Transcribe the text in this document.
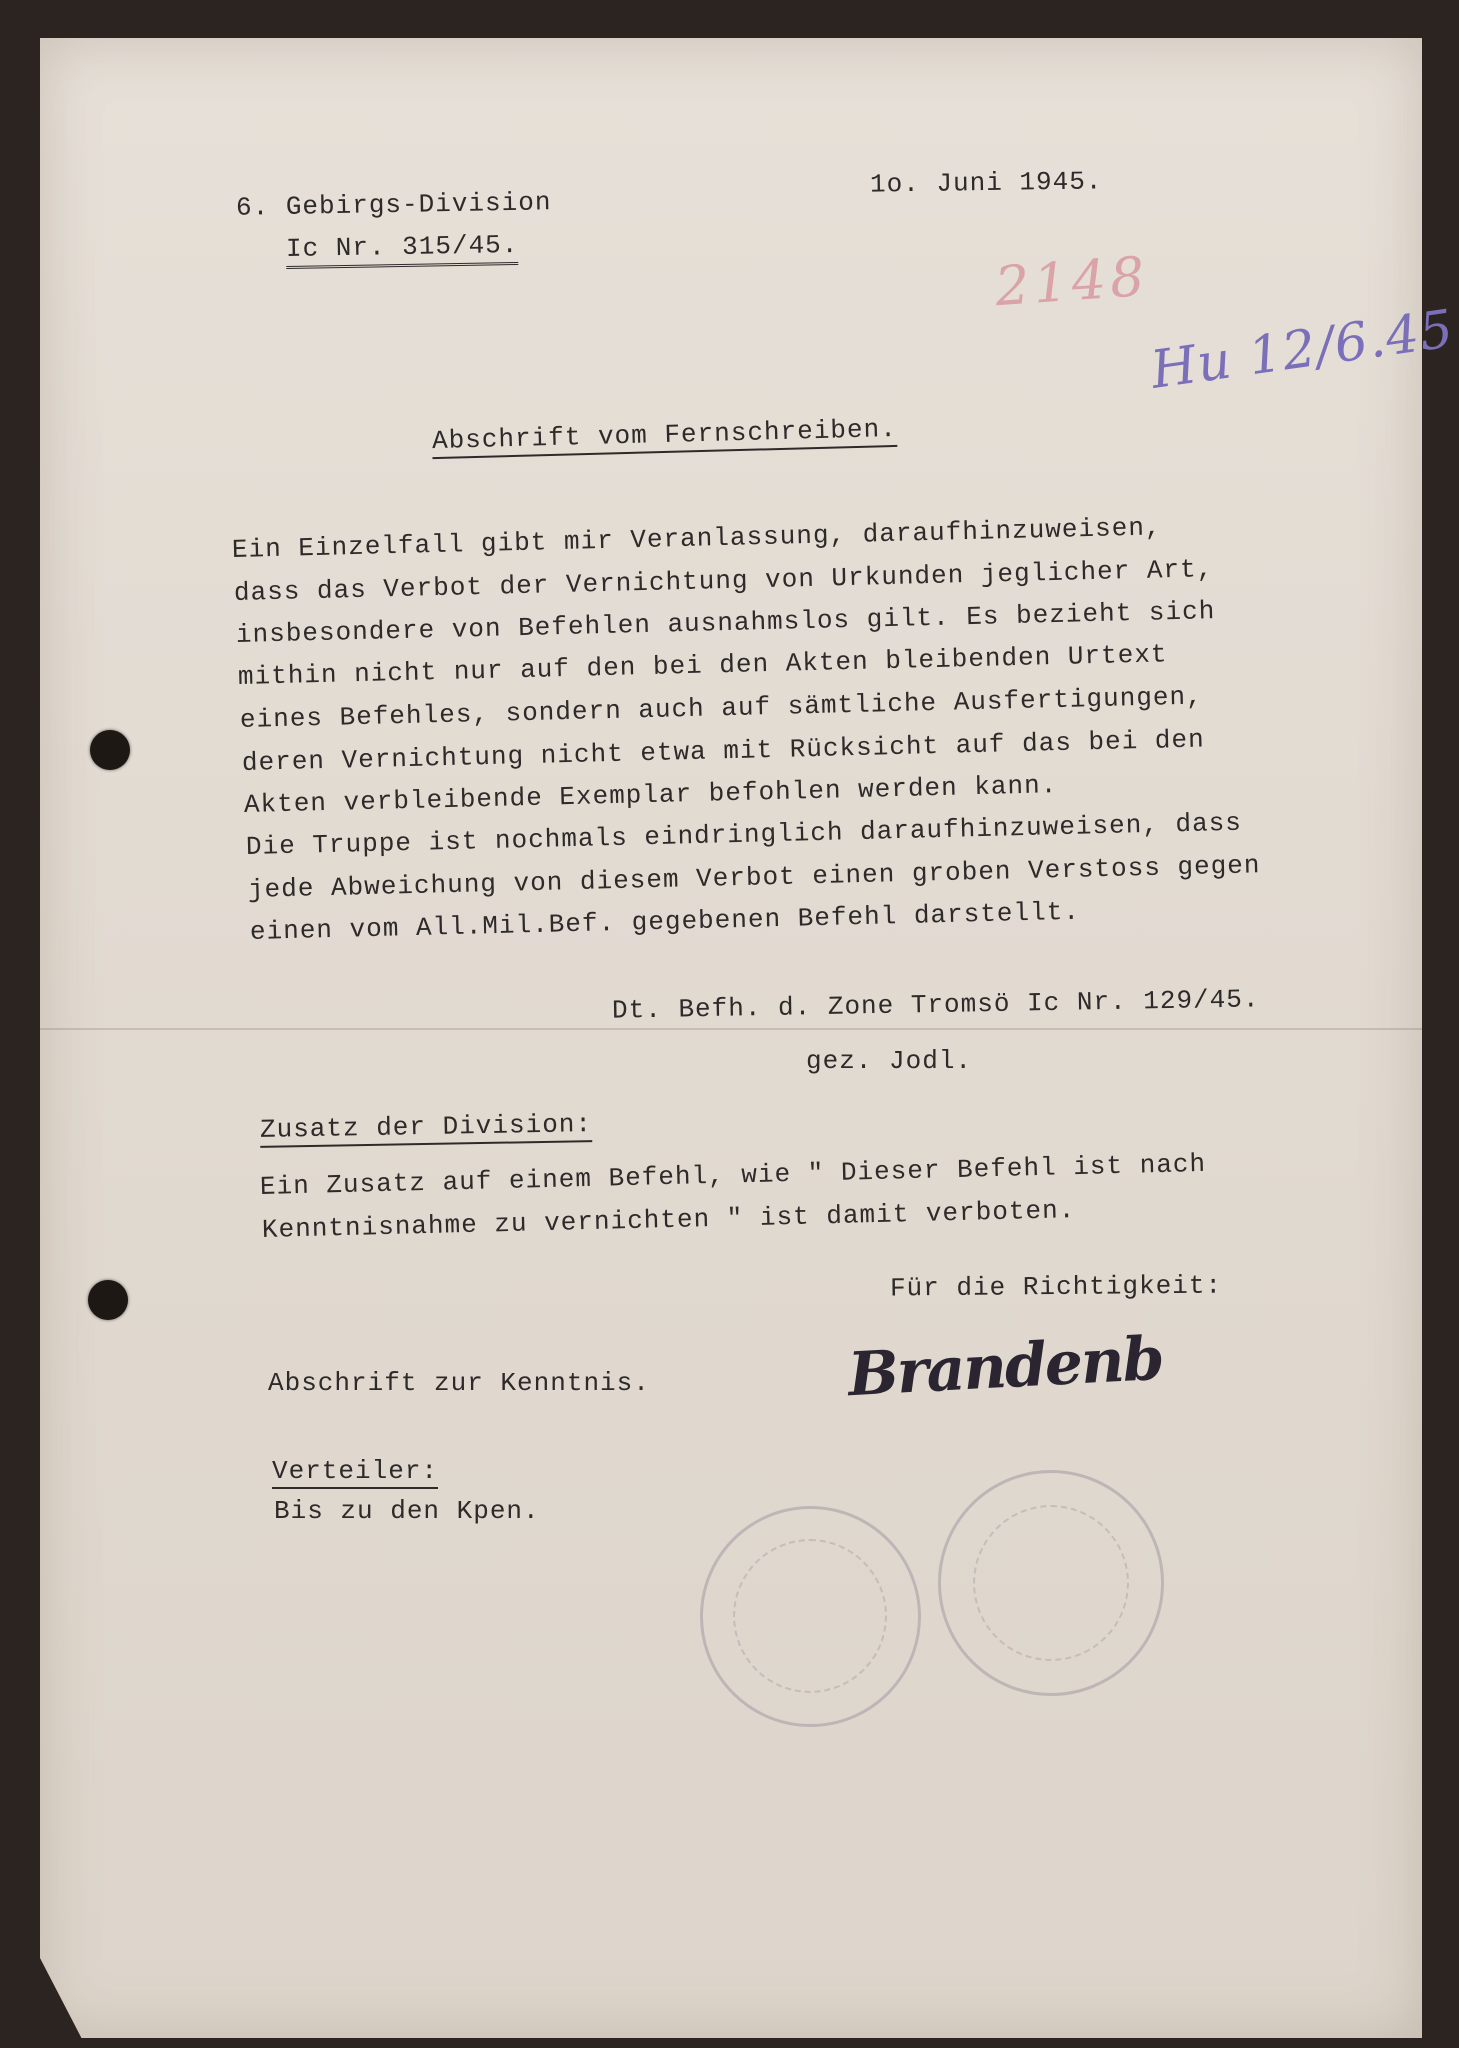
6. Gebirgs-Division
Ic Nr. 315/45.
1o. Juni 1945.
2148
Hu 12/6.45
Abschrift vom Fernschreiben.
Ein Einzelfall gibt mir Veranlassung, daraufhinzuweisen,
dass das Verbot der Vernichtung von Urkunden jeglicher Art,
insbesondere von Befehlen ausnahmslos gilt. Es bezieht sich
mithin nicht nur auf den bei den Akten bleibenden Urtext
eines Befehles, sondern auch auf sämtliche Ausfertigungen,
deren Vernichtung nicht etwa mit Rücksicht auf das bei den
Akten verbleibende Exemplar befohlen werden kann.
Die Truppe ist nochmals eindringlich daraufhinzuweisen, dass
jede Abweichung von diesem Verbot einen groben Verstoss gegen
einen vom All.Mil.Bef. gegebenen Befehl darstellt.
Dt. Befh. d. Zone Tromsö Ic Nr. 129/45.
gez. Jodl.
Zusatz der Division:
Ein Zusatz auf einem Befehl, wie " Dieser Befehl ist nach
Kenntnisnahme zu vernichten " ist damit verboten.
Für die Richtigkeit:
Brandenb
Abschrift zur Kenntnis.
Verteiler:
Bis zu den Kpen.
